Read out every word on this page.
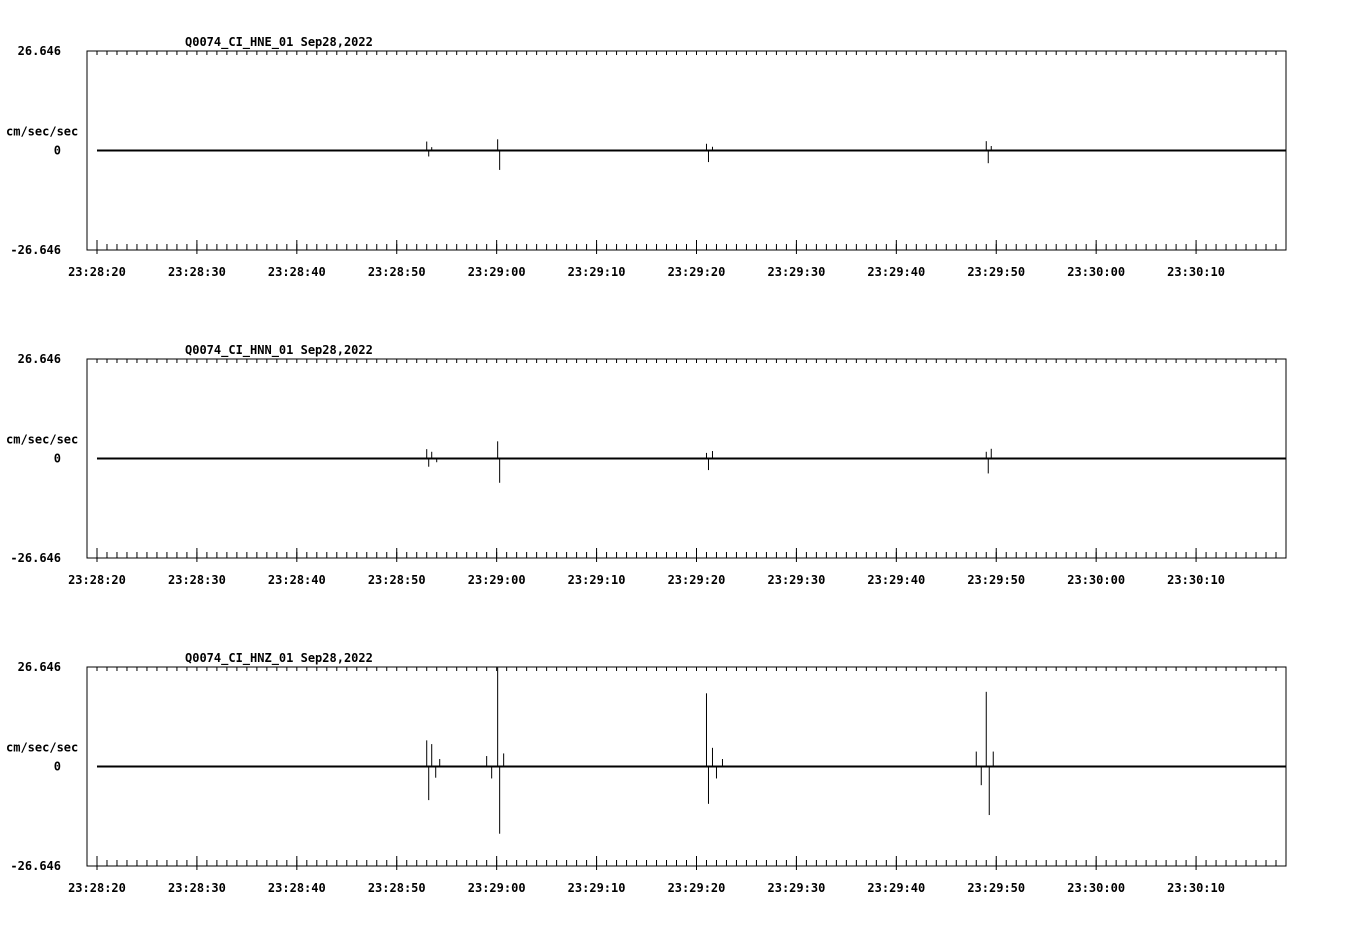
Q0074_CI_HNE_01 Sep28,2022
26.646
0
-26.646
cm/sec/sec
23:28:20	23:28:30	23:28:40	23:28:50	23:29:00	23:29:10	23:29:20	23:29:30	23:29:40	23:29:50	23:30:00	23:30:10
Q0074_CI_HNN_01 Sep28,2022
26.646
0
-26.646
cm/sec/sec
23:28:20	23:28:30	23:28:40	23:28:50	23:29:00	23:29:10	23:29:20	23:29:30	23:29:40	23:29:50	23:30:00	23:30:10
Q0074_CI_HNZ_01 Sep28,2022
26.646
0
-26.646
cm/sec/sec
23:28:20	23:28:30	23:28:40	23:28:50	23:29:00	23:29:10	23:29:20	23:29:30	23:29:40	23:29:50	23:30:00	23:30:10
